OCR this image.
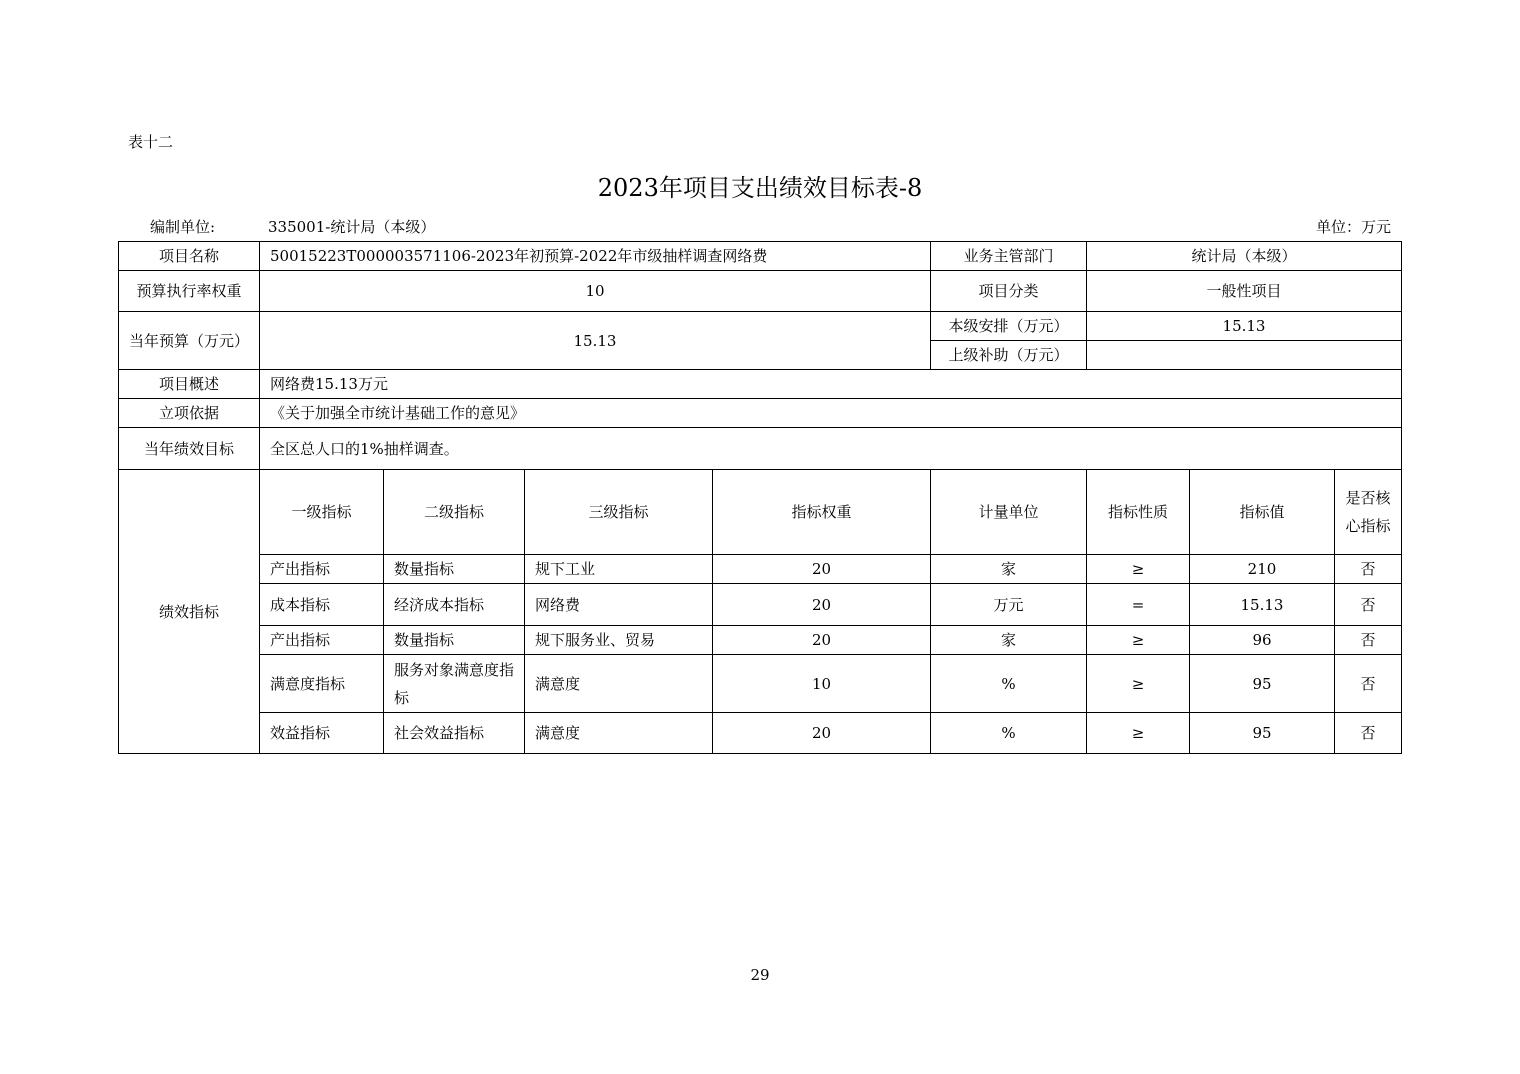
表十二
2023年项目支出绩效目标表-8
编制单位:	335001-统计局（本级）	单位：万元
项目名称	50015223T000003571106-2023年初预算-2022年市级抽样调查网络费				业务主管部门	统计局（本级）		
预算执行率权重	10				项目分类	一般性项目		
当年预算（万元）	15.13				本级安排（万元）	15.13		
					上级补助（万元）			
项目概述	网络费15.13万元							
立项依据	《关于加强全市统计基础工作的意见》							
当年绩效目标	全区总人口的1%抽样调查。							
绩效指标	一级指标	二级指标	三级指标	指标权重	计量单位	指标性质	指标值	是否核心指标
	产出指标	数量指标	规下工业	20	家	≥	210	否
	成本指标	经济成本指标	网络费	20	万元	=	15.13	否
	产出指标	数量指标	规下服务业、贸易	20	家	≥	96	否
	满意度指标	服务对象满意度指标	满意度	10	%	≥	95	否
	效益指标	社会效益指标	满意度	20	%	≥	95	否
29
